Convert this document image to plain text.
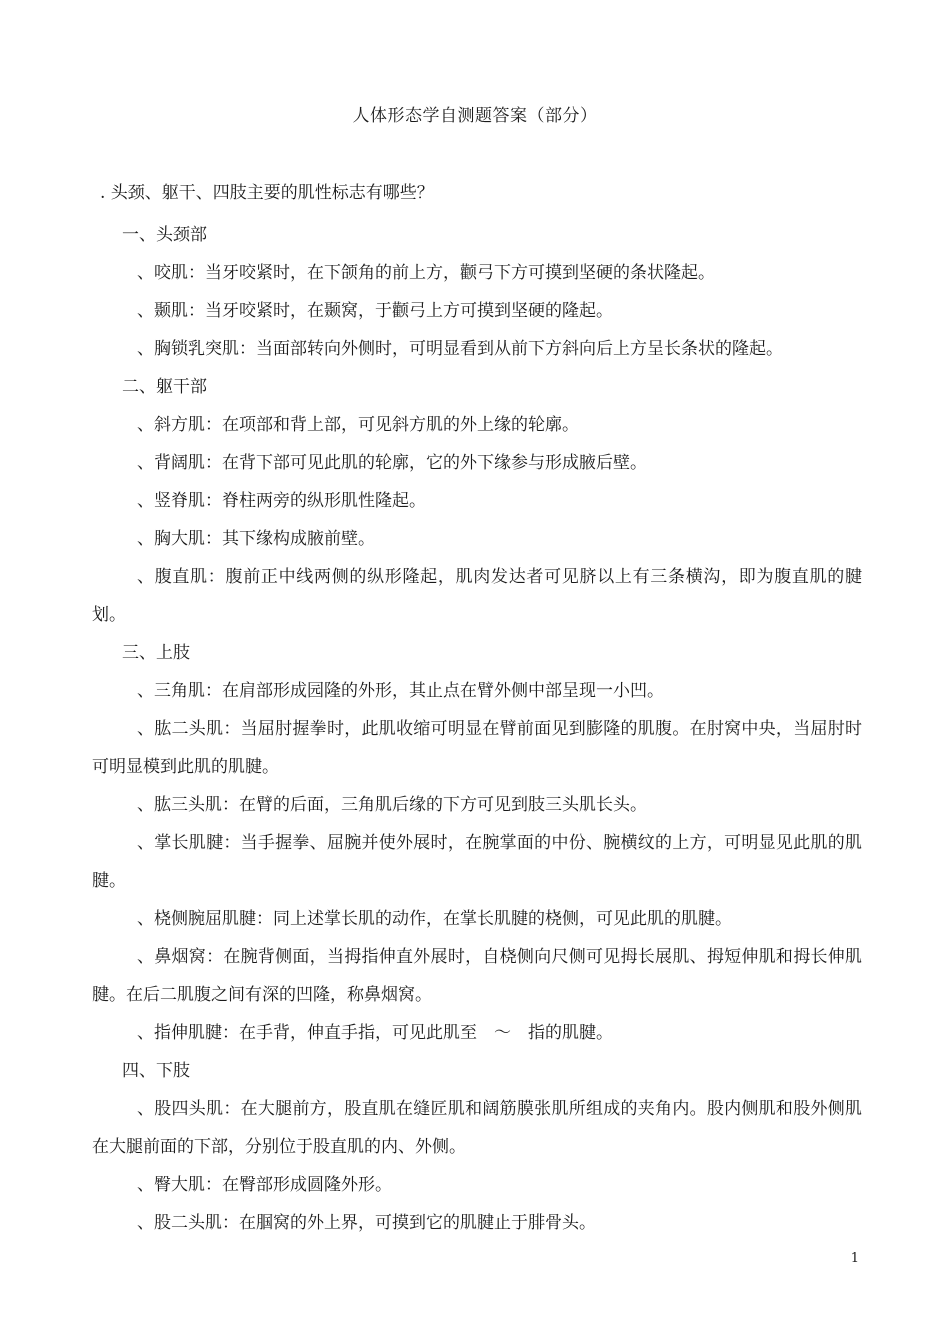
人体形态学自测题答案（部分）
. 头颈、躯干、四肢主要的肌性标志有哪些？
一、头颈部

、咬肌：当牙咬紧时，在下颌角的前上方，颧弓下方可摸到坚硬的条状隆起。

、颞肌：当牙咬紧时，在颞窝，于颧弓上方可摸到坚硬的隆起。

、胸锁乳突肌：当面部转向外侧时，可明显看到从前下方斜向后上方呈长条状的隆起。

二、躯干部

、斜方肌：在项部和背上部，可见斜方肌的外上缘的轮廓。

、背阔肌：在背下部可见此肌的轮廓，它的外下缘参与形成腋后壁。

、竖脊肌：脊柱两旁的纵形肌性隆起。

、胸大肌：其下缘构成腋前壁。

、腹直肌：腹前正中线两侧的纵形隆起，肌肉发达者可见脐以上有三条横沟，即为腹直肌的腱划。

三、上肢

、三角肌：在肩部形成园隆的外形，其止点在臂外侧中部呈现一小凹。

、肱二头肌：当屈肘握拳时，此肌收缩可明显在臂前面见到膨隆的肌腹。在肘窝中央，当屈肘时可明显模到此肌的肌腱。

、肱三头肌：在臂的后面，三角肌后缘的下方可见到肢三头肌长头。

、掌长肌腱：当手握拳、屈腕并使外展时，在腕掌面的中份、腕横纹的上方，可明显见此肌的肌腱。

、桡侧腕屈肌腱：同上述掌长肌的动作，在掌长肌腱的桡侧，可见此肌的肌腱。

、鼻烟窝：在腕背侧面，当拇指伸直外展时，自桡侧向尺侧可见拇长展肌、拇短伸肌和拇长伸肌腱。在后二肌腹之间有深的凹隆，称鼻烟窝。

、指伸肌腱：在手背，伸直手指，可见此肌至　～　指的肌腱。

四、下肢

、股四头肌：在大腿前方，股直肌在缝匠肌和阔筋膜张肌所组成的夹角内。股内侧肌和股外侧肌在大腿前面的下部，分别位于股直肌的内、外侧。

、臀大肌：在臀部形成圆隆外形。

、股二头肌：在腘窝的外上界，可摸到它的肌腱止于腓骨头。

1
